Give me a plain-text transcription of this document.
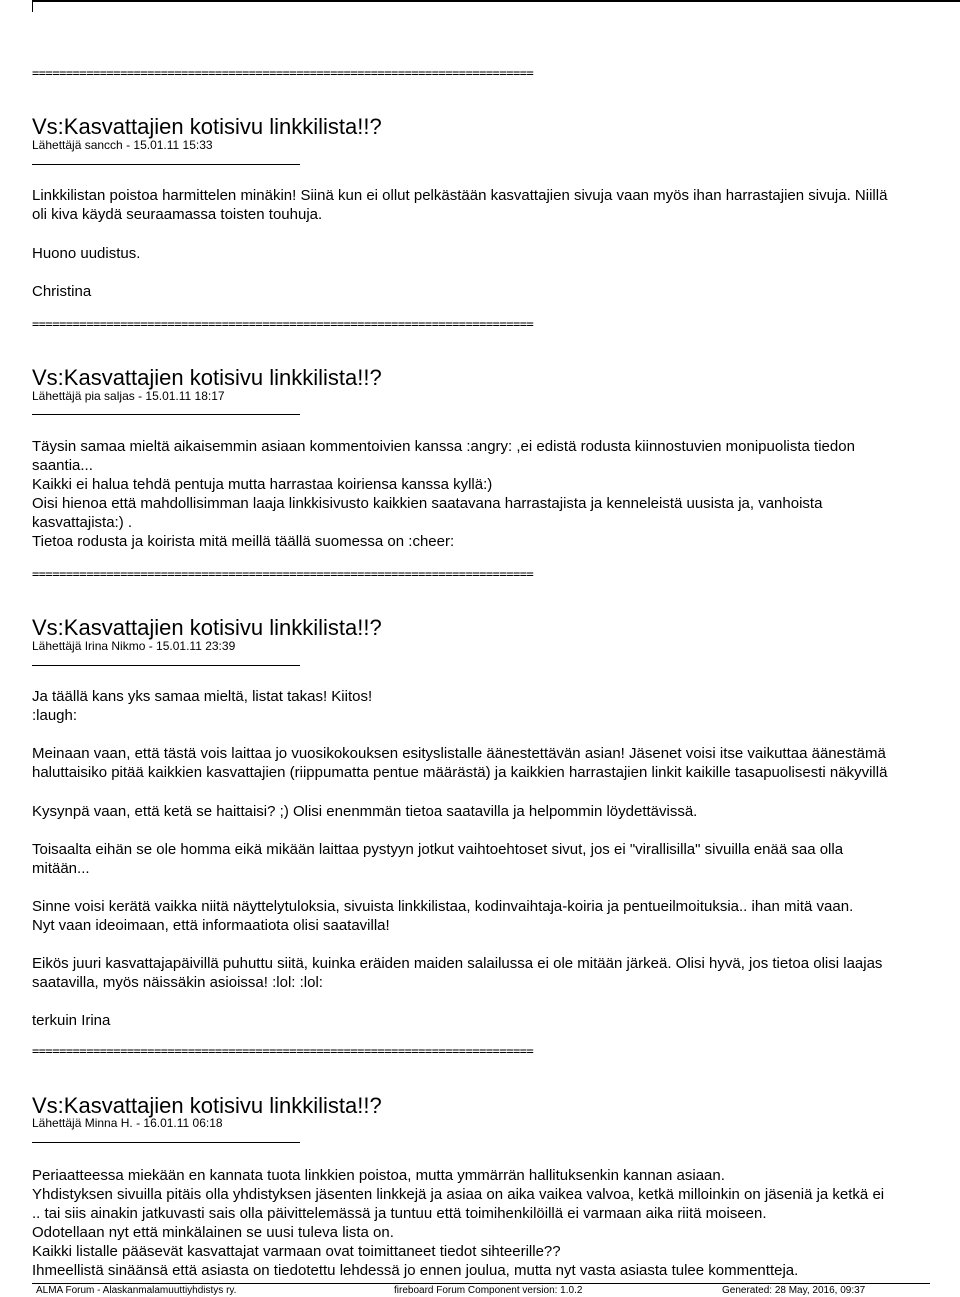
==========================================================================
Vs:Kasvattajien kotisivu linkkilista!!?
Lähettäjä sancch - 15.01.11 15:33
Linkkilistan poistoa harmittelen minäkin! Siinä kun ei ollut pelkästään kasvattajien sivuja vaan myös ihan harrastajien sivuja. Niillä
oli kiva käydä seuraamassa toisten touhuja.
Huono uudistus.
Christina
==========================================================================
Vs:Kasvattajien kotisivu linkkilista!!?
Lähettäjä pia saljas - 15.01.11 18:17
Täysin samaa mieltä aikaisemmin asiaan kommentoivien kanssa :angry: ,ei edistä rodusta kiinnostuvien monipuolista tiedon
saantia...
Kaikki ei halua tehdä pentuja mutta harrastaa koiriensa kanssa kyllä:)
Oisi hienoa että mahdollisimman laaja linkkisivusto kaikkien saatavana harrastajista ja kenneleistä uusista ja, vanhoista
kasvattajista:) .
Tietoa rodusta ja koirista mitä meillä täällä suomessa on :cheer:
==========================================================================
Vs:Kasvattajien kotisivu linkkilista!!?
Lähettäjä Irina Nikmo - 15.01.11 23:39
Ja täällä kans yks samaa mieltä, listat takas! Kiitos!
:laugh:
Meinaan vaan, että tästä vois laittaa jo vuosikokouksen esityslistalle äänestettävän asian! Jäsenet voisi itse vaikuttaa äänestämä
haluttaisiko pitää kaikkien kasvattajien (riippumatta pentue määrästä) ja kaikkien harrastajien linkit kaikille tasapuolisesti näkyvillä
Kysynpä vaan, että ketä se haittaisi? ;) Olisi enenmmän tietoa saatavilla ja helpommin löydettävissä.
Toisaalta eihän se ole homma eikä mikään laittaa pystyyn jotkut vaihtoehtoset sivut, jos ei "virallisilla" sivuilla enää saa olla
mitään...
Sinne voisi kerätä vaikka niitä näyttelytuloksia, sivuista linkkilistaa, kodinvaihtaja-koiria ja pentueilmoituksia.. ihan mitä vaan.
Nyt vaan ideoimaan, että informaatiota olisi saatavilla!
Eikös juuri kasvattajapäivillä puhuttu siitä, kuinka eräiden maiden salailussa ei ole mitään järkeä. Olisi hyvä, jos tietoa olisi laajas
saatavilla, myös näissäkin asioissa! :lol: :lol:
terkuin Irina
==========================================================================
Vs:Kasvattajien kotisivu linkkilista!!?
Lähettäjä Minna H. - 16.01.11 06:18
Periaatteessa miekään en kannata tuota linkkien poistoa, mutta ymmärrän hallituksenkin kannan asiaan.
Yhdistyksen sivuilla pitäis olla yhdistyksen jäsenten linkkejä ja asiaa on aika vaikea valvoa, ketkä milloinkin on jäseniä ja ketkä ei
.. tai siis ainakin jatkuvasti sais olla päivittelemässä ja tuntuu että toimihenkilöillä ei varmaan aika riitä moiseen.
Odotellaan nyt että minkälainen se uusi tuleva lista on.
Kaikki listalle pääsevät kasvattajat varmaan ovat toimittaneet tiedot sihteerille??
Ihmeellistä sinäänsä että asiasta on tiedotettu lehdessä jo ennen joulua, mutta nyt vasta asiasta tulee kommentteja.
ALMA Forum - Alaskanmalamuuttiyhdistys ry.	fireboard Forum Component version: 1.0.2	Generated: 28 May, 2016, 09:37
